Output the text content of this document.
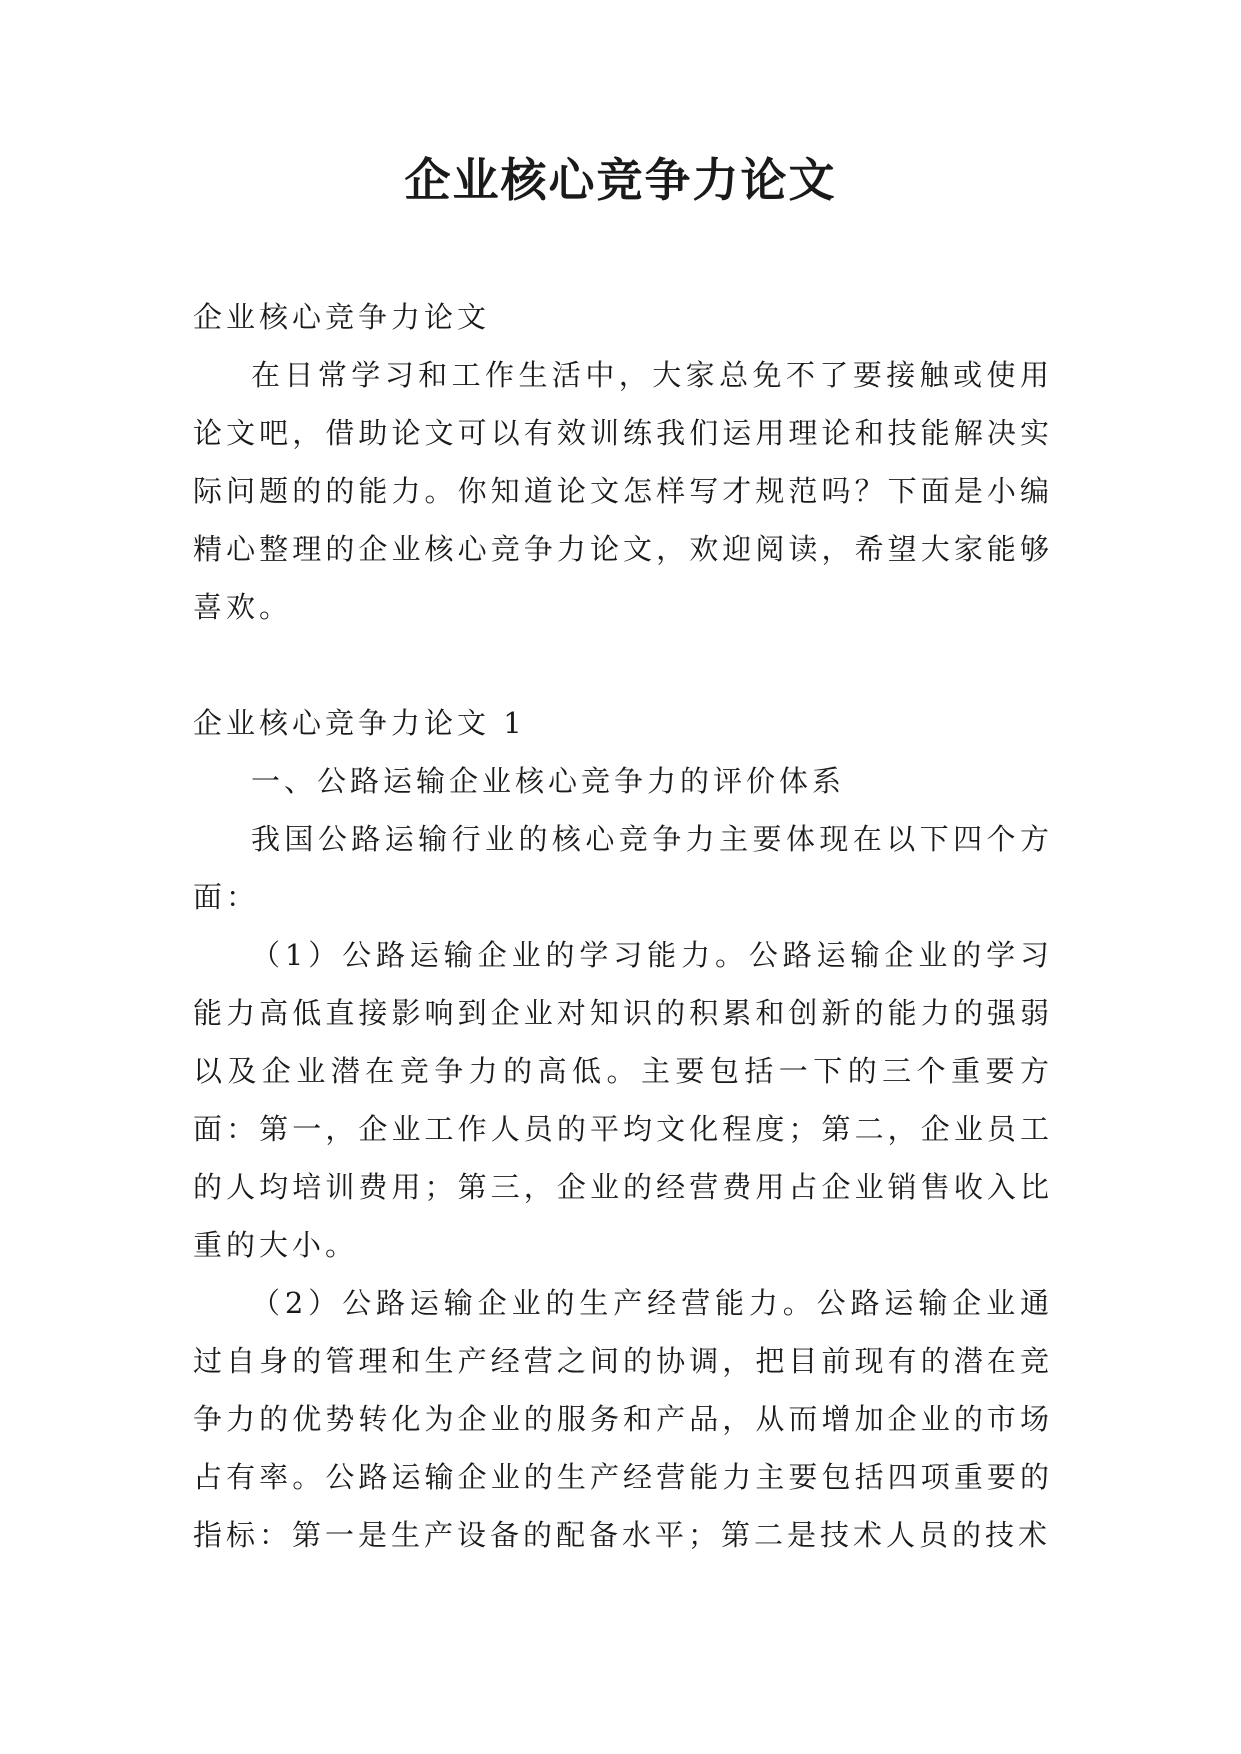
企业核心竞争力论文

企业核心竞争力论文

在日常学习和工作生活中，大家总免不了要接触或使用论文吧，借助论文可以有效训练我们运用理论和技能解决实际问题的的能力。你知道论文怎样写才规范吗？下面是小编精心整理的企业核心竞争力论文，欢迎阅读，希望大家能够喜欢。

企业核心竞争力论文 1

一、公路运输企业核心竞争力的评价体系

我国公路运输行业的核心竞争力主要体现在以下四个方面：

（1）公路运输企业的学习能力。公路运输企业的学习能力高低直接影响到企业对知识的积累和创新的能力的强弱以及企业潜在竞争力的高低。主要包括一下的三个重要方面：第一，企业工作人员的平均文化程度；第二，企业员工的人均培训费用；第三，企业的经营费用占企业销售收入比重的大小。

（2）公路运输企业的生产经营能力。公路运输企业通过自身的管理和生产经营之间的协调，把目前现有的潜在竞争力的优势转化为企业的服务和产品，从而增加企业的市场占有率。公路运输企业的生产经营能力主要包括四项重要的指标：第一是生产设备的配备水平；第二是技术人员的技术
